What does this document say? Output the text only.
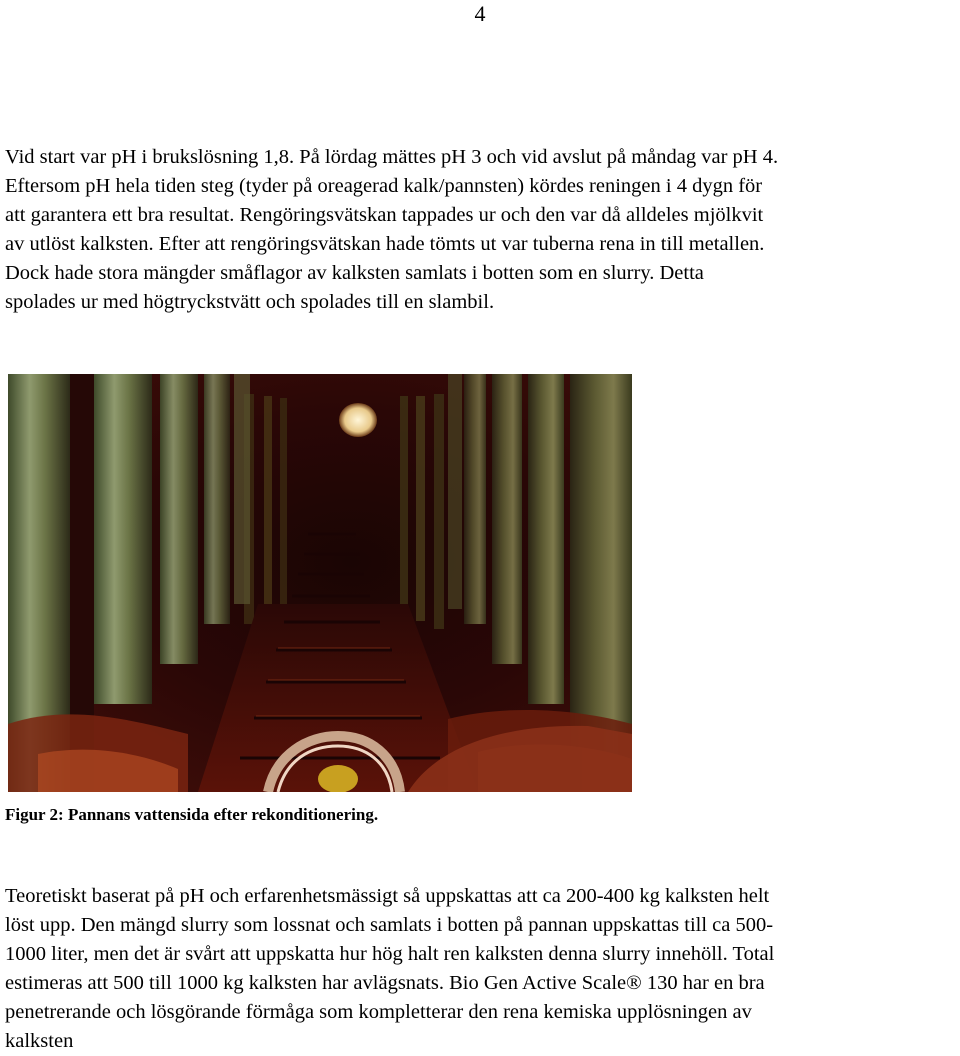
4

Vid start var pH i brukslösning 1,8. På lördag mättes pH 3 och vid avslut på måndag var pH 4.
Eftersom pH hela tiden steg (tyder på oreagerad kalk/pannsten) kördes reningen i 4 dygn för
att garantera ett bra resultat. Rengöringsvätskan tappades ur och den var då alldeles mjölkvit
av utlöst kalksten. Efter att rengöringsvätskan hade tömts ut var tuberna rena in till metallen.
Dock hade stora mängder småflagor av kalksten samlats i botten som en slurry. Detta
spolades ur med högtryckstvätt och spolades till en slambil.

Figur 2: Pannans vattensida efter rekonditionering.

Teoretiskt baserat på pH och erfarenhetsmässigt så uppskattas att ca 200-400 kg kalksten helt
löst upp. Den mängd slurry som lossnat och samlats i botten på pannan uppskattas till ca 500-
1000 liter, men det är svårt att uppskatta hur hög halt ren kalksten denna slurry innehöll. Total
estimeras att 500 till 1000 kg kalksten har avlägsnats. Bio Gen Active Scale® 130 har en bra
penetrerande och lösgörande förmåga som kompletterar den rena kemiska upplösningen av
kalksten
